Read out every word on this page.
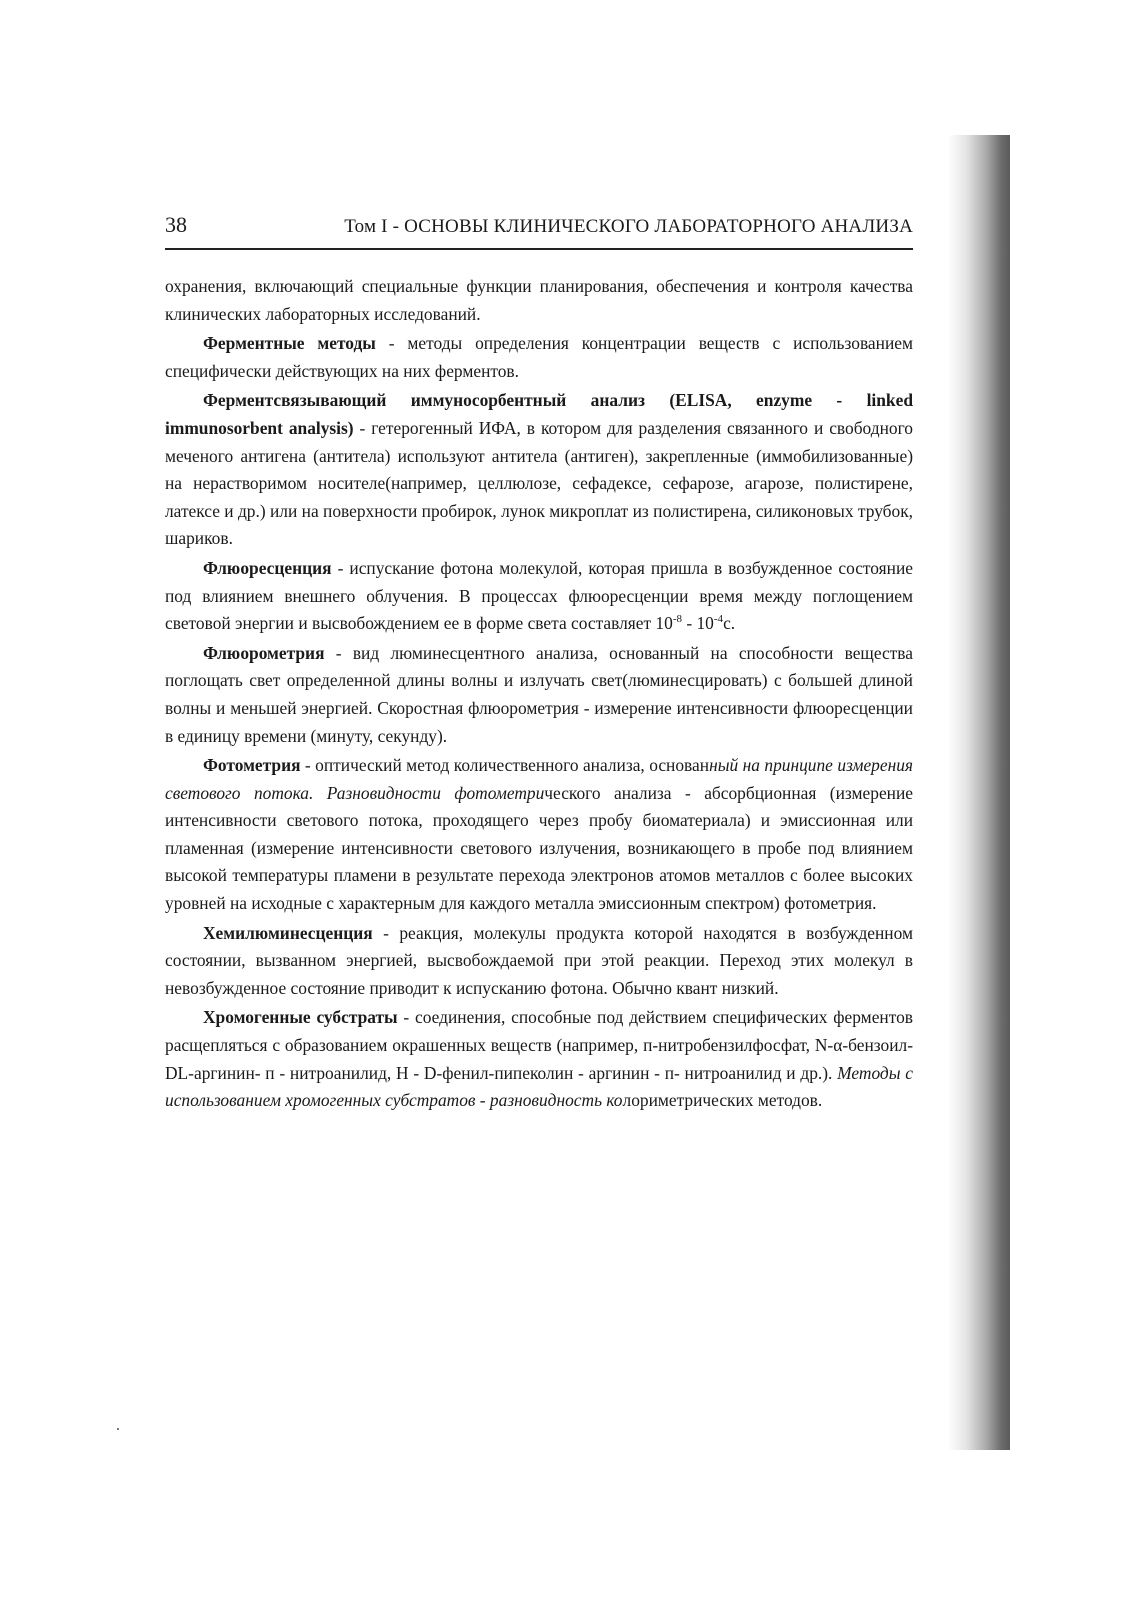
38	Том I - ОСНОВЫ КЛИНИЧЕСКОГО ЛАБОРАТОРНОГО АНАЛИЗА

охранения, включающий специальные функции планирования, обеспечения и контроля качества клинических лабораторных исследований.

Ферментные методы - методы определения концентрации веществ с использованием специфически действующих на них ферментов.

Ферментсвязывающий иммуносорбентный анализ (ELISA, enzyme - linked immunosorbent analysis) - гетерогенный ИФА, в котором для разделения связанного и свободного меченого антигена (антитела) используют антитела (антиген), закрепленные (иммобилизованные) на нерастворимом носителе(например, целлюлозе, сефадексе, сефарозе, агарозе, полистирене, латексе и др.) или на поверхности пробирок, лунок микроплат из полистирена, силиконовых трубок, шариков.

Флюоресценция - испускание фотона молекулой, которая пришла в возбужденное состояние под влиянием внешнего облучения. В процессах флюоресценции время между поглощением световой энергии и высвобождением ее в форме света составляет $10^{-8} - 10^{-4}с$.

Флюорометрия - вид люминесцентного анализа, основанный на способности вещества поглощать свет определенной длины волны и излучать свет(люминесцировать) с большей длиной волны и меньшей энергией. Скоростная флюорометрия - измерение интенсивности флюоресценции в единицу времени (минуту, секунду).

Фотометрия - оптический метод количественного анализа, основанный на принципе измерения светового потока. Разновидности фотометрического анализа - абсорбционная (измерение интенсивности светового потока, проходящего через пробу биоматериала) и эмиссионная или пламенная (измерение интенсивности светового излучения, возникающего в пробе под влиянием высокой температуры пламени в результате перехода электронов атомов металлов с более высоких уровней на исходные с характерным для каждого металла эмиссионным спектром) фотометрия.

Хемилюминесценция - реакция, молекулы продукта которой находятся в возбужденном состоянии, вызванном энергией, высвобождаемой при этой реакции. Переход этих молекул в невозбужденное состояние приводит к испусканию фотона. Обычно квант низкий.

Хромогенные субстраты - соединения, способные под действием специфических ферментов расщепляться с образованием окрашенных веществ (например, п-нитробензилфосфат, N-α-бензоил- DL-аргинин- п - нитроанилид, Н - D-фенил-пипеколин - аргинин - п- нитроанилид и др.). Методы с использованием хромогенных субстратов - разновидность колориметрических методов.
